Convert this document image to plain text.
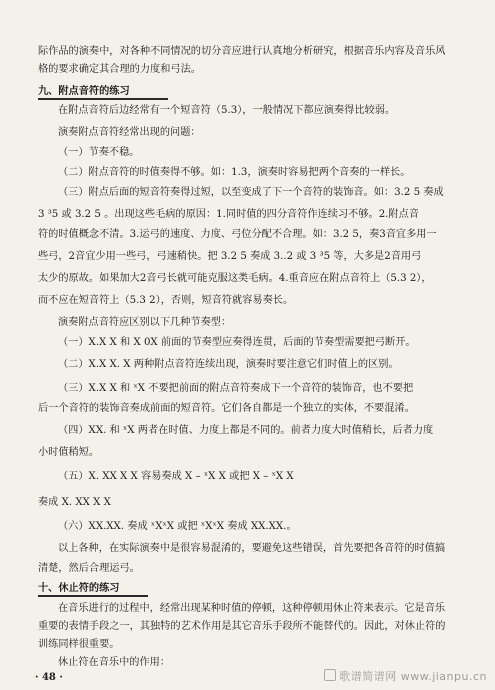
际作品的演奏中，对各种不同情况的切分音应进行认真地分析研究，根据音乐内容及音乐风
格的要求确定其合理的力度和弓法。
九、附点音符的练习
在附点音符后边经常有一个短音符（5.3），一般情况下都应演奏得比较弱。
演奏附点音符经常出现的问题：
（一）节奏不稳。
（二）附点音符的时值奏得不够。如：1.3，演奏时容易把两个音奏的一样长。
（三）附点后面的短音符奏得过短，以至变成了下一个音符的装饰音。如：3.2 5 奏成
3 ³5 或 3.2 5 。出现这些毛病的原因：1.同时值的四分音符作连续习不够。2.附点音
符的时值概念不清。3.运弓的速度、力度、弓位分配不合理。如：3.2 5，奏3音宜多用一
些弓，2音宜少用一些弓，弓速稍快。把 3.2 5 奏成 3..2 或 3 ³5 等，大多是2音用弓
太少的原故。如果加大2音弓长就可能克服这类毛病。4.重音应在附点音符上（5.3 2），
而不应在短音符上（5.3 2），否则，短音符就容易奏长。
演奏附点音符应区别以下几种节奏型：
（一）X.X X 和 X 0X 前面的节奏型应奏得连贯，后面的节奏型需要把弓断开。
（二）X.X X. X 两种附点音符连续出现，演奏时要注意它们时值上的区别。
（三）X.X X 和 ˣX 不要把前面的附点音符奏成下一个音符的装饰音，也不要把
后一个音符的装饰音奏成前面的短音符。它们各自都是一个独立的实体，不要混淆。
（四）XX. 和 ˣX 两者在时值、力度上都是不同的。前者力度大时值稍长，后者力度
小时值稍短。
（五）X. XX X X 容易奏成 X – ˣX X 或把 X – ˣX X
奏成 X. XX X X
（六）XX.XX. 奏成 ˣXˣX 或把 ˣXˣX 奏成 XX.XX.。
以上各种，在实际演奏中是很容易混淆的，要避免这些错误，首先要把各音符的时值搞
清楚，然后合理运弓。
十、休止符的练习
在音乐进行的过程中，经常出现某种时值的停顿，这种停顿用休止符来表示。它是音乐
重要的表情手段之一，其独特的艺术作用是其它音乐手段所不能替代的。因此，对休止符的
训练同样很重要。
休止符在音乐中的作用：
· 48 ·	歌谱简谱网 www.jianpu.cn
